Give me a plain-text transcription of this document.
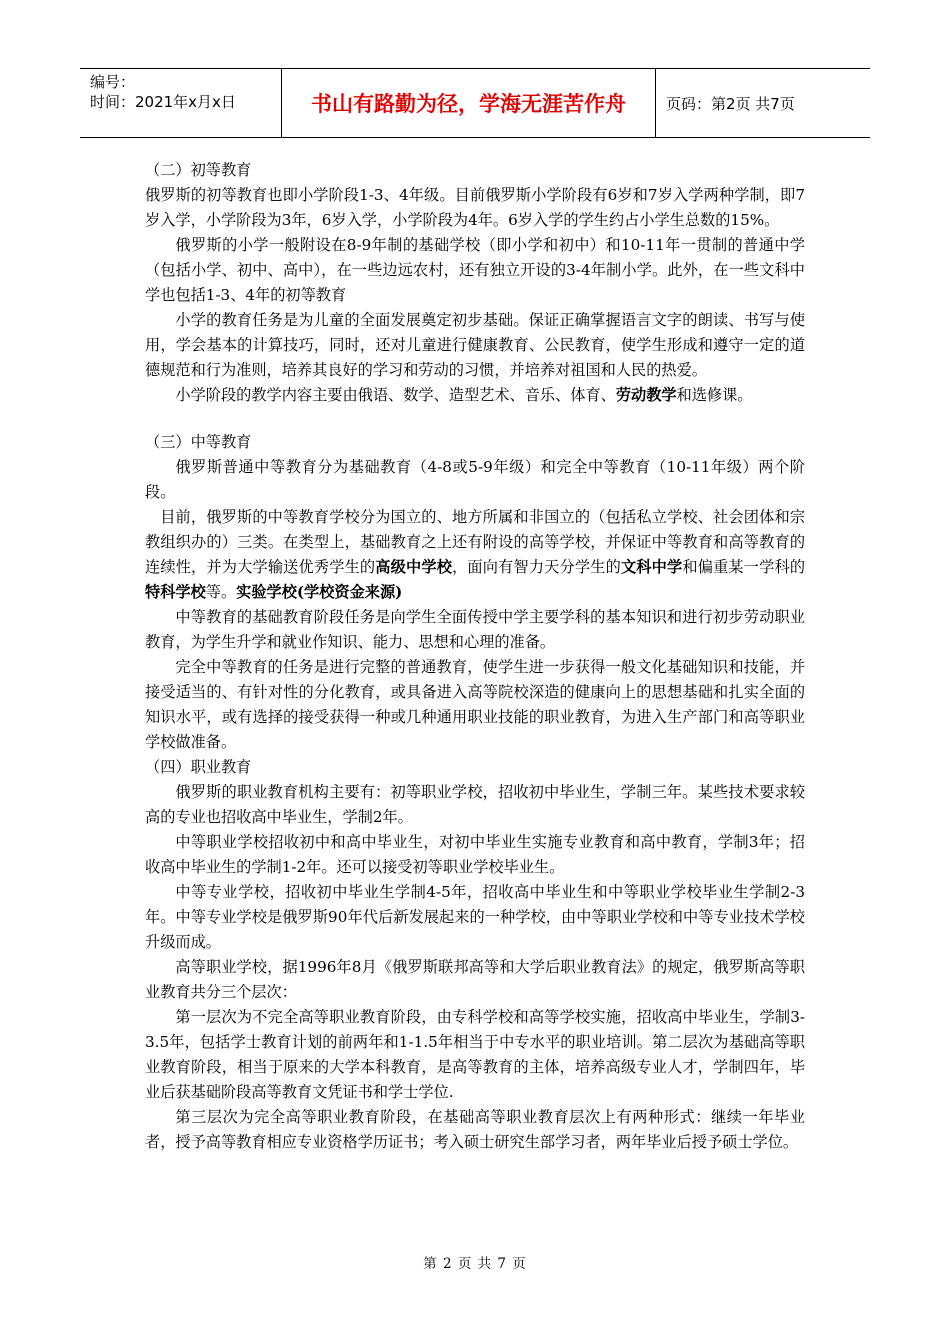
编号：
时间：2021年x月x日	书山有路勤为径，学海无涯苦作舟	页码：第2页 共7页

（二）初等教育

俄罗斯的初等教育也即小学阶段1-3、4年级。目前俄罗斯小学阶段有6岁和7岁入学两种学制，即7岁入学，小学阶段为3年，6岁入学，小学阶段为4年。6岁入学的学生约占小学生总数的15%。

俄罗斯的小学一般附设在8-9年制的基础学校（即小学和初中）和10-11年一贯制的普通中学（包括小学、初中、高中），在一些边远农村，还有独立开设的3-4年制小学。此外，在一些文科中学也包括1-3、4年的初等教育

小学的教育任务是为儿童的全面发展奠定初步基础。保证正确掌握语言文字的朗读、书写与使用，学会基本的计算技巧，同时，还对儿童进行健康教育、公民教育，使学生形成和遵守一定的道德规范和行为准则，培养其良好的学习和劳动的习惯，并培养对祖国和人民的热爱。

小学阶段的教学内容主要由俄语、数学、造型艺术、音乐、体育、劳动教学和选修课。

（三）中等教育

俄罗斯普通中等教育分为基础教育（4-8或5-9年级）和完全中等教育（10-11年级）两个阶段。

目前，俄罗斯的中等教育学校分为国立的、地方所属和非国立的（包括私立学校、社会团体和宗教组织办的）三类。在类型上，基础教育之上还有附设的高等学校，并保证中等教育和高等教育的连续性，并为大学输送优秀学生的高级中学校，面向有智力天分学生的文科中学和偏重某一学科的特科学校等。实验学校(学校资金来源)

中等教育的基础教育阶段任务是向学生全面传授中学主要学科的基本知识和进行初步劳动职业教育，为学生升学和就业作知识、能力、思想和心理的准备。

完全中等教育的任务是进行完整的普通教育，使学生进一步获得一般文化基础知识和技能，并接受适当的、有针对性的分化教育，或具备进入高等院校深造的健康向上的思想基础和扎实全面的知识水平，或有选择的接受获得一种或几种通用职业技能的职业教育，为进入生产部门和高等职业学校做准备。

（四）职业教育

俄罗斯的职业教育机构主要有：初等职业学校，招收初中毕业生，学制三年。某些技术要求较高的专业也招收高中毕业生，学制2年。

中等职业学校招收初中和高中毕业生，对初中毕业生实施专业教育和高中教育，学制3年；招收高中毕业生的学制1-2年。还可以接受初等职业学校毕业生。

中等专业学校，招收初中毕业生学制4-5年，招收高中毕业生和中等职业学校毕业生学制2-3年。中等专业学校是俄罗斯90年代后新发展起来的一种学校，由中等职业学校和中等专业技术学校升级而成。

高等职业学校，据1996年8月《俄罗斯联邦高等和大学后职业教育法》的规定，俄罗斯高等职业教育共分三个层次：

第一层次为不完全高等职业教育阶段，由专科学校和高等学校实施，招收高中毕业生，学制3-3.5年，包括学士教育计划的前两年和1-1.5年相当于中专水平的职业培训。第二层次为基础高等职业教育阶段，相当于原来的大学本科教育，是高等教育的主体，培养高级专业人才，学制四年，毕业后获基础阶段高等教育文凭证书和学士学位.

第三层次为完全高等职业教育阶段，在基础高等职业教育层次上有两种形式：继续一年毕业者，授予高等教育相应专业资格学历证书；考入硕士研究生部学习者，两年毕业后授予硕士学位。

第 2 页 共 7 页
